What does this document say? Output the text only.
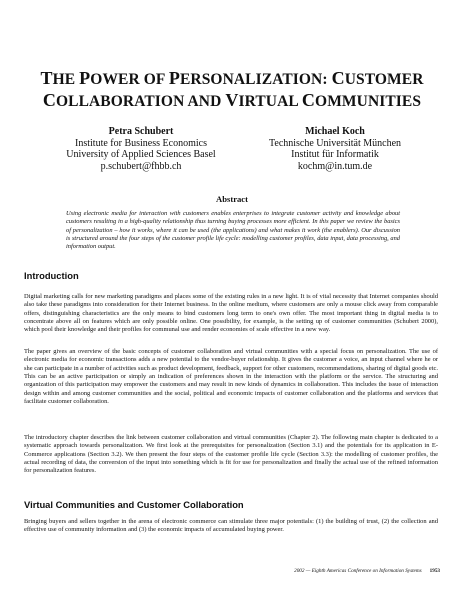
THE POWER OF PERSONALIZATION: CUSTOMER
COLLABORATION AND VIRTUAL COMMUNITIES
Petra Schubert
Institute for Business Economics
University of Applied Sciences Basel
p.schubert@fhbb.ch
Michael Koch
Technische Universität München
Institut für Informatik
kochm@in.tum.de
Abstract
Using electronic media for interaction with customers enables enterprises to integrate customer activity and knowledge about customers resulting in a high-quality relationship thus turning buying processes more efficient. In this paper we review the basics of personalization – how it works, where it can be used (the applications) and what makes it work (the enablers). Our discussion is structured around the four steps of the customer profile life cycle: modelling customer profiles, data input, data processing, and information output.
Introduction
Digital marketing calls for new marketing paradigms and places some of the existing rules in a new light. It is of vital necessity that Internet companies should also take these paradigms into consideration for their Internet business. In the online medium, where customers are only a mouse click away from comparable offers, distinguishing characteristics are the only means to bind customers long term to one's own offer. The most important thing in digital media is to concentrate above all on features which are only possible online. One possibility, for example, is the setting up of customer communities (Schubert 2000), which pool their knowledge and their profiles for communal use and render economies of scale effective in a new way.
The paper gives an overview of the basic concepts of customer collaboration and virtual communities with a special focus on personalization. The use of electronic media for economic transactions adds a new potential to the vendor-buyer relationship. It gives the customer a voice, an input channel where he or she can participate in a number of activities such as product development, feedback, support for other customers, recommendations, sharing of digital goods etc. This can be an active participation or simply an indication of preferences shown in the interaction with the platform or the service. The structuring and organization of this participation may empower the customers and may result in new kinds of dynamics in collaboration. This includes the issue of interaction design within and among customer communities and the social, political and economic impacts of customer collaboration and the platforms and services that facilitate customer collaboration.
The introductory chapter describes the link between customer collaboration and virtual communities (Chapter 2). The following main chapter is dedicated to a systematic approach towards personalization. We first look at the prerequisites for personalization (Section 3.1) and the potentials for its application in E-Commerce applications (Section 3.2). We then present the four steps of the customer profile life cycle (Section 3.3): the modelling of customer profiles, the actual recording of data, the conversion of the input into something which is fit for use for personalization and finally the actual use of the refined information for personalization features.
Virtual Communities and Customer Collaboration
Bringing buyers and sellers together in the arena of electronic commerce can stimulate three major potentials: (1) the building of trust, (2) the collection and effective use of community information and (3) the economic impacts of accumulated buying power.
2002 — Eighth Americas Conference on Information Systems 1953
